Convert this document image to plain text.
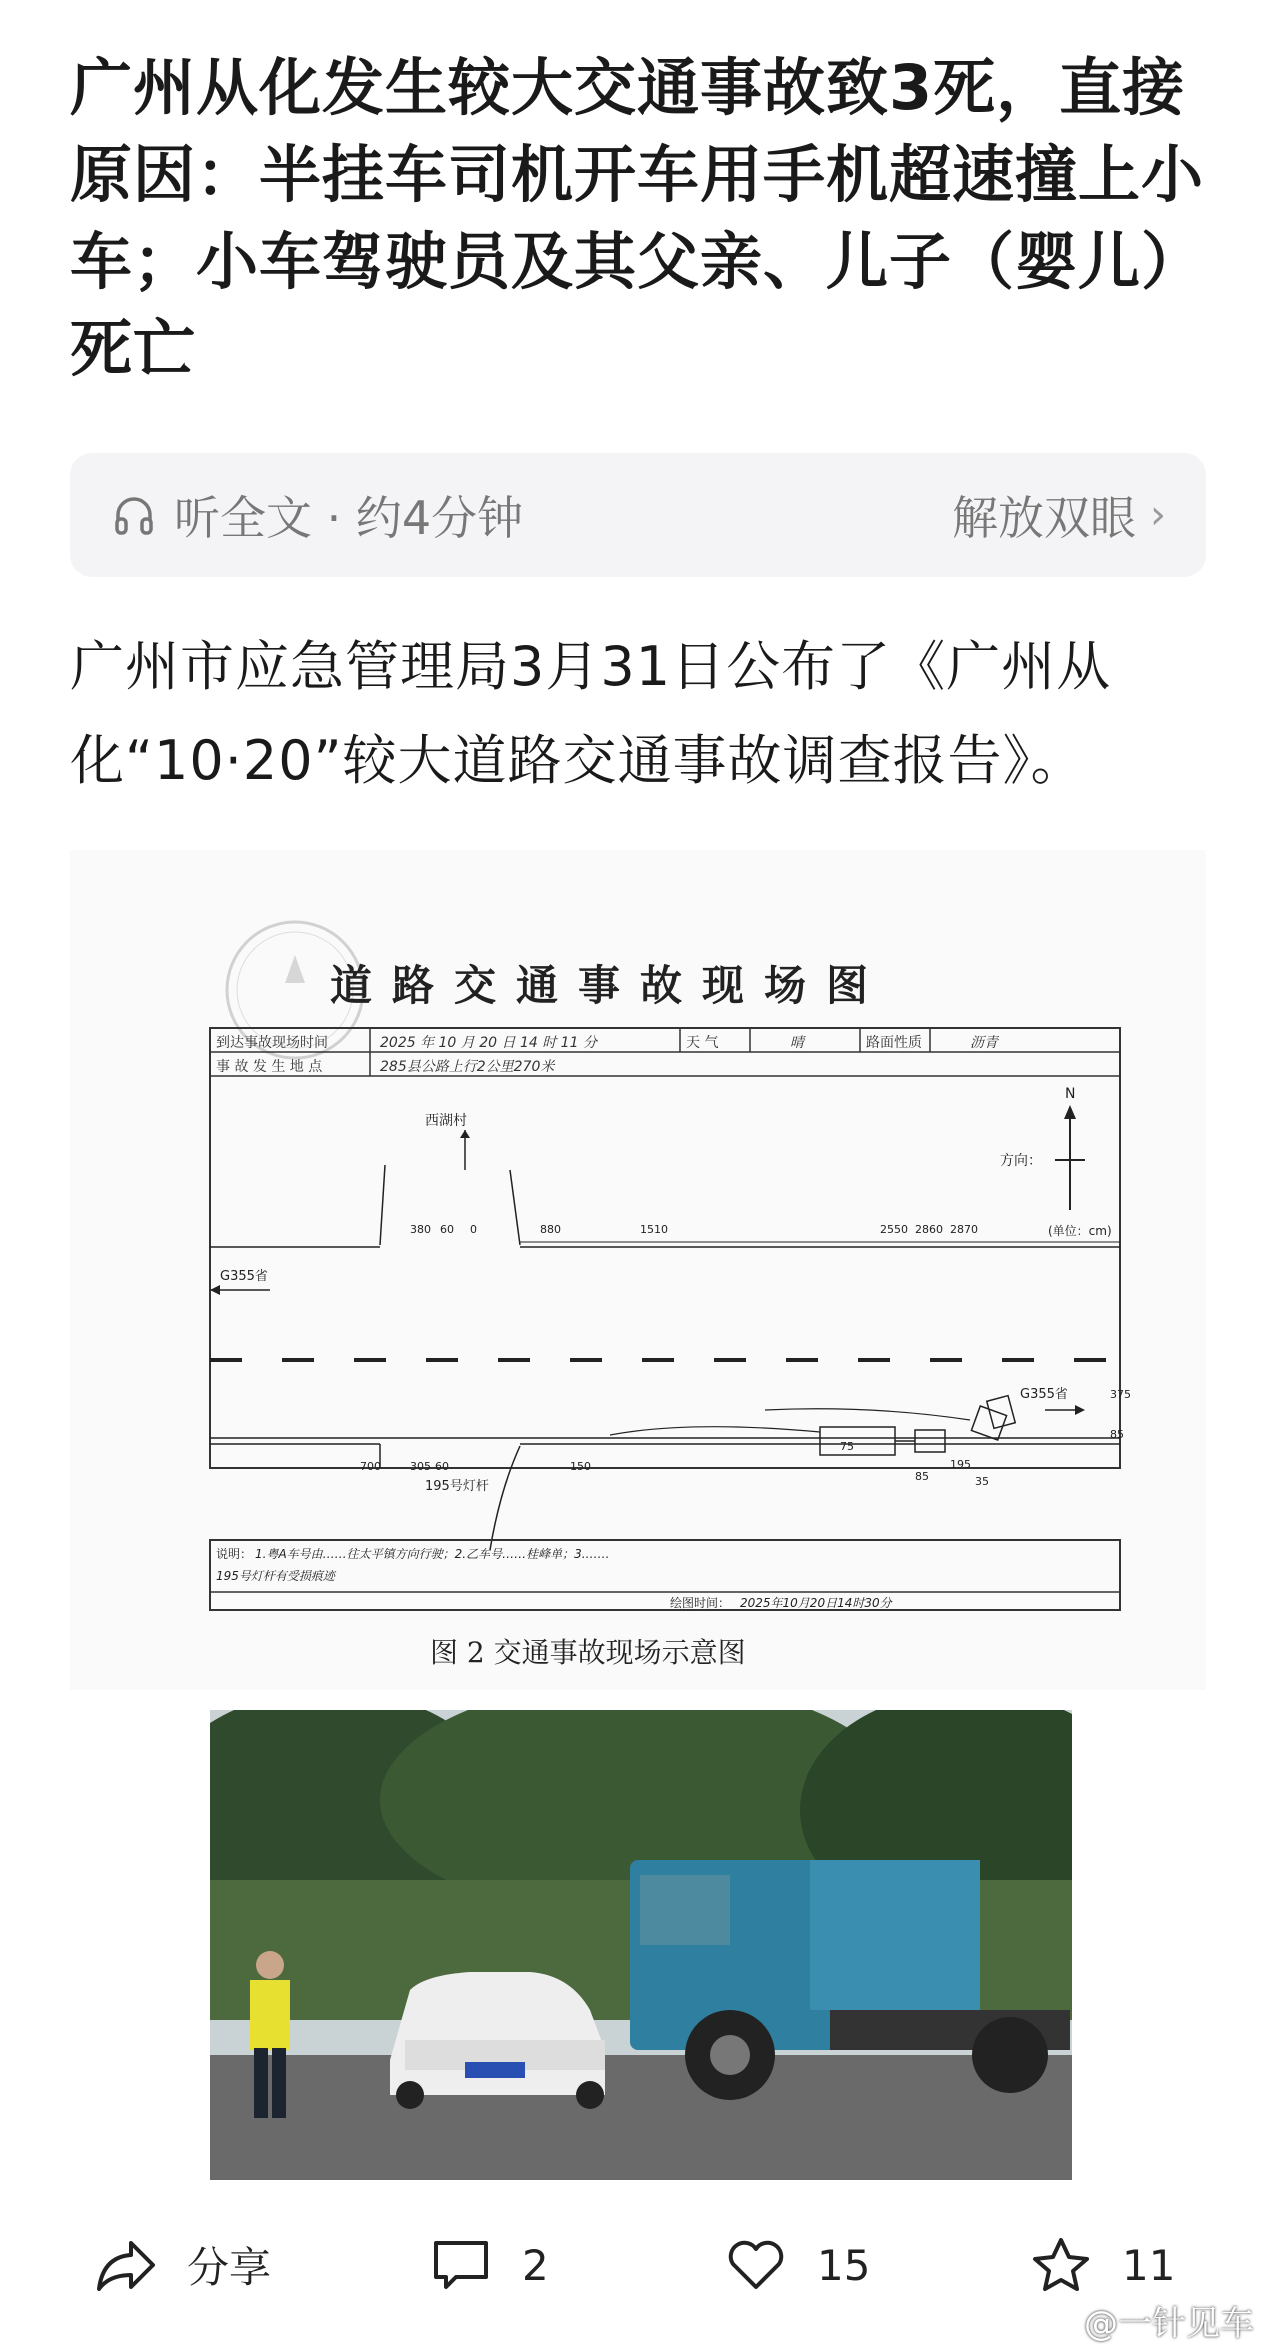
广州从化发生较大交通事故致3死，直接原因：半挂车司机开车用手机超速撞上小车；小车驾驶员及其父亲、儿子（婴儿）死亡
听全文 · 约4分钟	解放双眼 ›
广州市应急管理局3月31日公布了《广州从化“10·20”较大道路交通事故调查报告》。
道路交通事故现场图
到达事故现场时间	2025 年 10 月 20 日 14 时 11 分	天 气	晴	路面性质	沥青
事 故 发 生 地 点	285县公路上行2公里270米
N
方向：
(单位：cm)
西湖村
G355省
G355省
380 60 0	880	1510	2550 2860 2870
700	305 60	150
75
85
195
35
375
85
195号灯杆
说明： 1.粤A车号由……往太平镇方向行驶；2.乙车号……桂峰单；3.……
195号灯杆有受损痕迹
绘图时间： 2025年10月20日14时30分
图 2 交通事故现场示意图
分享	2	15	11
@一针见车
